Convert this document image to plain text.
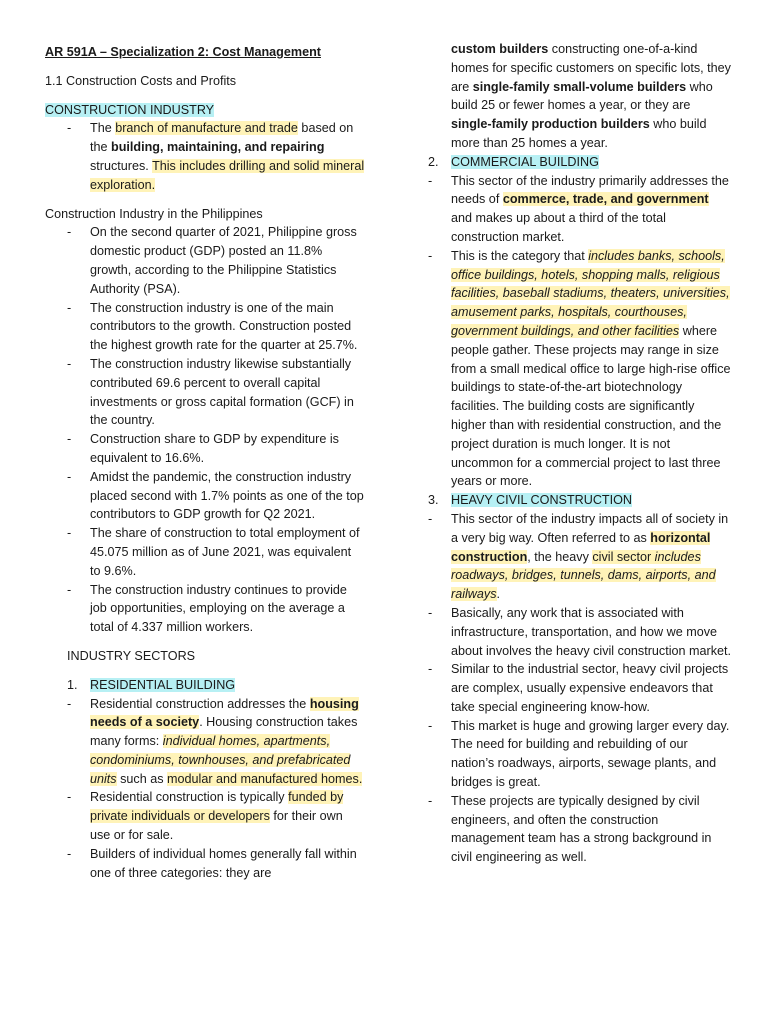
AR 591A – Specialization 2: Cost Management
1.1 Construction Costs and Profits
CONSTRUCTION INDUSTRY
- The branch of manufacture and trade based on the building, maintaining, and repairing structures. This includes drilling and solid mineral exploration.
Construction Industry in the Philippines
- On the second quarter of 2021, Philippine gross domestic product (GDP) posted an 11.8% growth, according to the Philippine Statistics Authority (PSA).
- The construction industry is one of the main contributors to the growth. Construction posted the highest growth rate for the quarter at 25.7%.
- The construction industry likewise substantially contributed 69.6 percent to overall capital investments or gross capital formation (GCF) in the country.
- Construction share to GDP by expenditure is equivalent to 16.6%.
- Amidst the pandemic, the construction industry placed second with 1.7% points as one of the top contributors to GDP growth for Q2 2021.
- The share of construction to total employment of 45.075 million as of June 2021, was equivalent to 9.6%.
- The construction industry continues to provide job opportunities, employing on the average a total of 4.337 million workers.
INDUSTRY SECTORS
1. RESIDENTIAL BUILDING
- Residential construction addresses the housing needs of a society. Housing construction takes many forms: individual homes, apartments, condominiums, townhouses, and prefabricated units such as modular and manufactured homes.
- Residential construction is typically funded by private individuals or developers for their own use or for sale.
- Builders of individual homes generally fall within one of three categories: they are
custom builders constructing one-of-a-kind homes for specific customers on specific lots, they are single-family small-volume builders who build 25 or fewer homes a year, or they are single-family production builders who build more than 25 homes a year.
2. COMMERCIAL BUILDING
- This sector of the industry primarily addresses the needs of commerce, trade, and government and makes up about a third of the total construction market.
- This is the category that includes banks, schools, office buildings, hotels, shopping malls, religious facilities, baseball stadiums, theaters, universities, amusement parks, hospitals, courthouses, government buildings, and other facilities where people gather. These projects may range in size from a small medical office to large high-rise office buildings to state-of-the-art biotechnology facilities. The building costs are significantly higher than with residential construction, and the project duration is much longer. It is not uncommon for a commercial project to last three years or more.
3. HEAVY CIVIL CONSTRUCTION
- This sector of the industry impacts all of society in a very big way. Often referred to as horizontal construction, the heavy civil sector includes roadways, bridges, tunnels, dams, airports, and railways.
- Basically, any work that is associated with infrastructure, transportation, and how we move about involves the heavy civil construction market.
- Similar to the industrial sector, heavy civil projects are complex, usually expensive endeavors that take special engineering know-how.
- This market is huge and growing larger every day. The need for building and rebuilding of our nation’s roadways, airports, sewage plants, and bridges is great.
- These projects are typically designed by civil engineers, and often the construction management team has a strong background in civil engineering as well.
